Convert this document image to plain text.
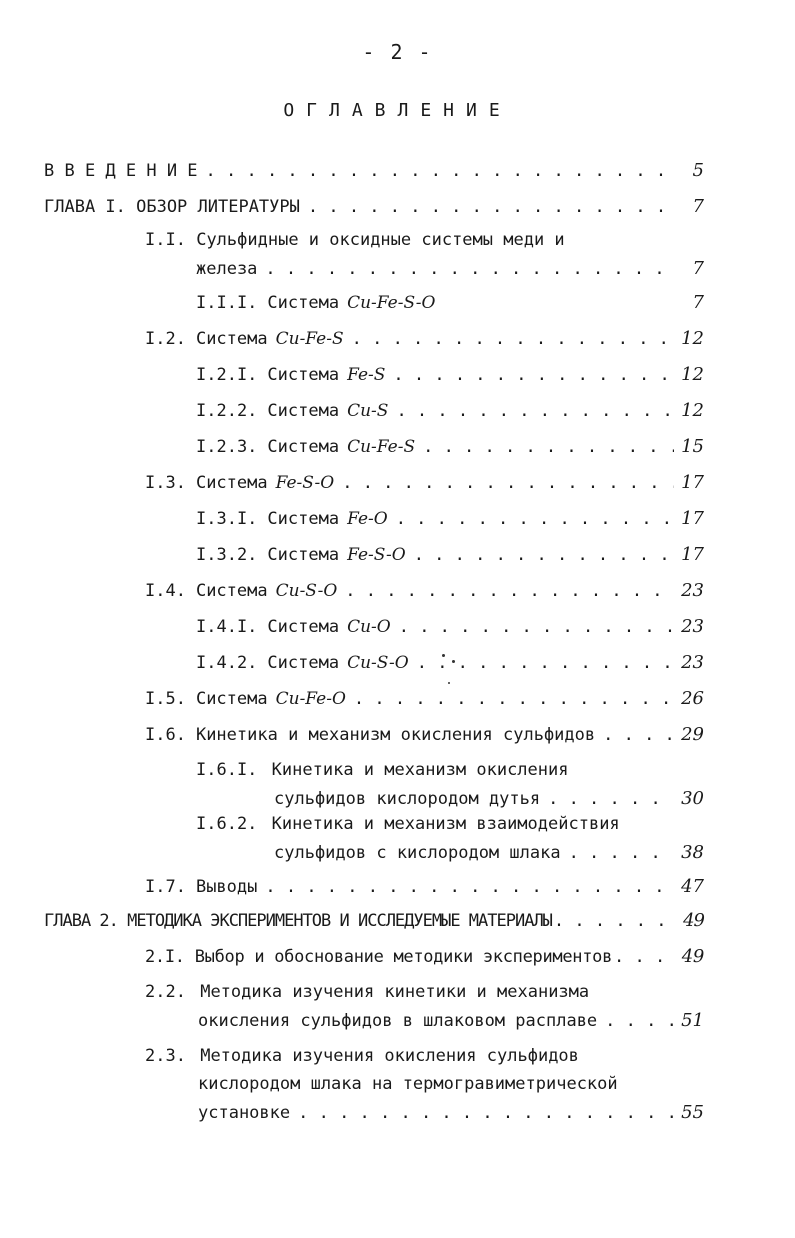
- 2 -
ОГЛАВЛЕНИЕ
В В Е Д Е Н И Е . . .	5
ГЛАВА I. ОБЗОР ЛИТЕРАТУРЫ . . .	7
I.I. Сульфидные и оксидные системы меди и
железа . . .	7
I.I.I. Система Cu-Fe-S-O	7
I.2. Система Cu-Fe-S . . .	12
I.2.I. Система Fe-S . . .	12
I.2.2. Система Cu-S . . .	12
I.2.3. Система Cu-Fe-S . . .	15
I.3. Система Fe-S-O . . .	17
I.3.I. Система Fe-O . . .	17
I.3.2. Система Fe-S-O . . .	17
I.4. Система Cu-S-O . . .	23
I.4.I. Система Cu-O . . .	23
I.4.2. Система Cu-S-O . . .	23
I.5. Система Cu-Fe-O . . .	26
I.6. Кинетика и механизм окисления сульфидов . . .	29
I.6.I. Кинетика и механизм окисления
сульфидов кислородом дутья . . .	30
I.6.2. Кинетика и механизм взаимодействия
сульфидов с кислородом шлака . . .	38
I.7. Выводы . . .	47
ГЛАВА 2. МЕТОДИКА ЭКСПЕРИМЕНТОВ И ИССЛЕДУЕМЫЕ МАТЕРИАЛЫ . . .	49
2.I. Выбор и обоснование методики экспериментов . . .	49
2.2. Методика изучения кинетики и механизма
окисления сульфидов в шлаковом расплаве . . .	51
2.3. Методика изучения окисления сульфидов
кислородом шлака на термогравиметрической
установке . . .	55
